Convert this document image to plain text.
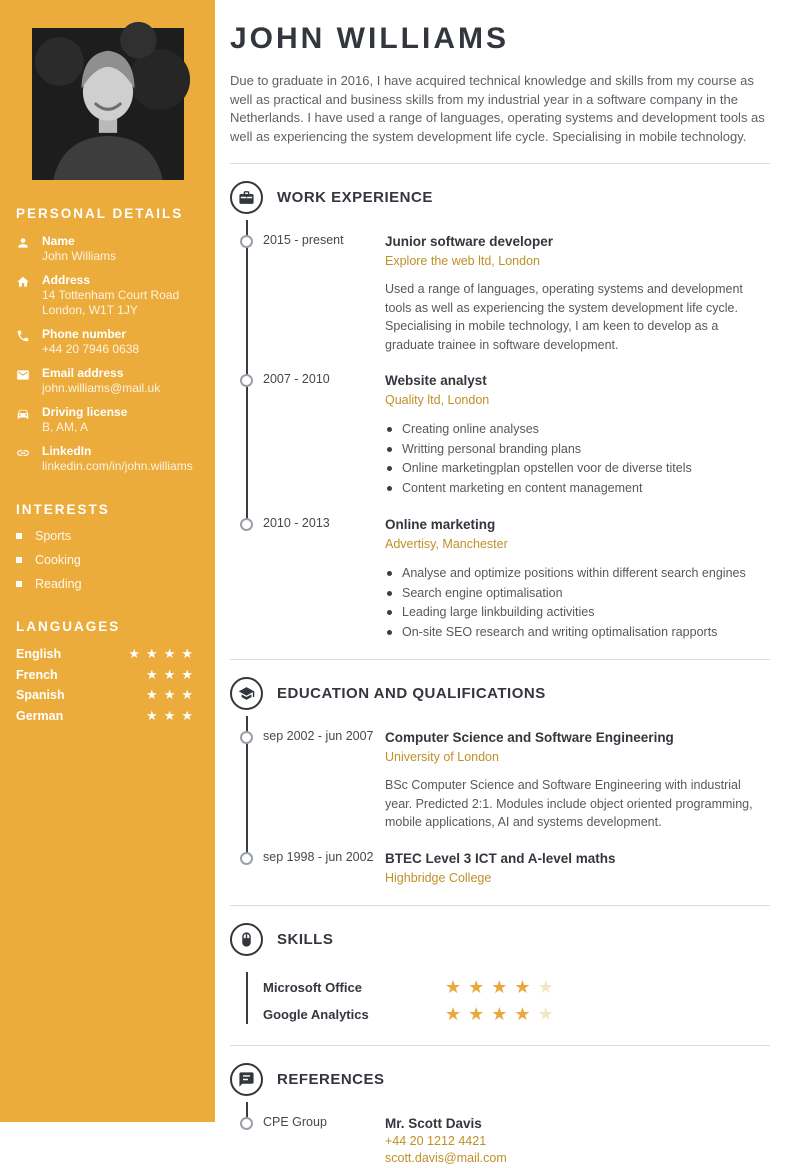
PERSONAL DETAILS
Name
John Williams
Address
14 Tottenham Court Road
London, W1T 1JY
Phone number
+44 20 7946 0638
Email address
john.williams@mail.uk
Driving license
B, AM, A
LinkedIn
linkedin.com/in/john.williams
INTERESTS
Sports
Cooking
Reading
LANGUAGES
English	★ ★ ★ ★
French	★ ★ ★
Spanish	★ ★ ★
German	★ ★ ★
JOHN WILLIAMS

Due to graduate in 2016, I have acquired technical knowledge and skills from my course as well as practical and business skills from my industrial year in a software company in the Netherlands. I have used a range of languages, operating systems and development tools as well as experiencing the system development life cycle. Specialising in mobile technology.

WORK EXPERIENCE
2015 - present	Junior software developer
Explore the web ltd, London

Used a range of languages, operating systems and development tools as well as experiencing the system development life cycle. Specialising in mobile technology, I am keen to develop as a graduate trainee in software development.

2007 - 2010	Website analyst
Quality ltd, London
Creating online analyses
Writting personal branding plans
Online marketingplan opstellen voor de diverse titels
Content marketing en content management
2010 - 2013	Online marketing
Advertisy, Manchester
Analyse and optimize positions within different search engines
Search engine optimalisation
Leading large linkbuilding activities
On-site SEO research and writing optimalisation rapports
EDUCATION AND QUALIFICATIONS
sep 2002 - jun 2007 Computer Science and Software Engineering
University of London

BSc Computer Science and Software Engineering with industrial year. Predicted 2:1. Modules include object oriented programming, mobile applications, AI and systems development.

sep 1998 - jun 2002 BTEC Level 3 ICT and A-level maths
Highbridge College
SKILLS
Microsoft Office	★ ★ ★ ★ ★
Google Analytics	★ ★ ★ ★ ★
REFERENCES
CPE Group	Mr. Scott Davis
+44 20 1212 4421
scott.davis@mail.com
